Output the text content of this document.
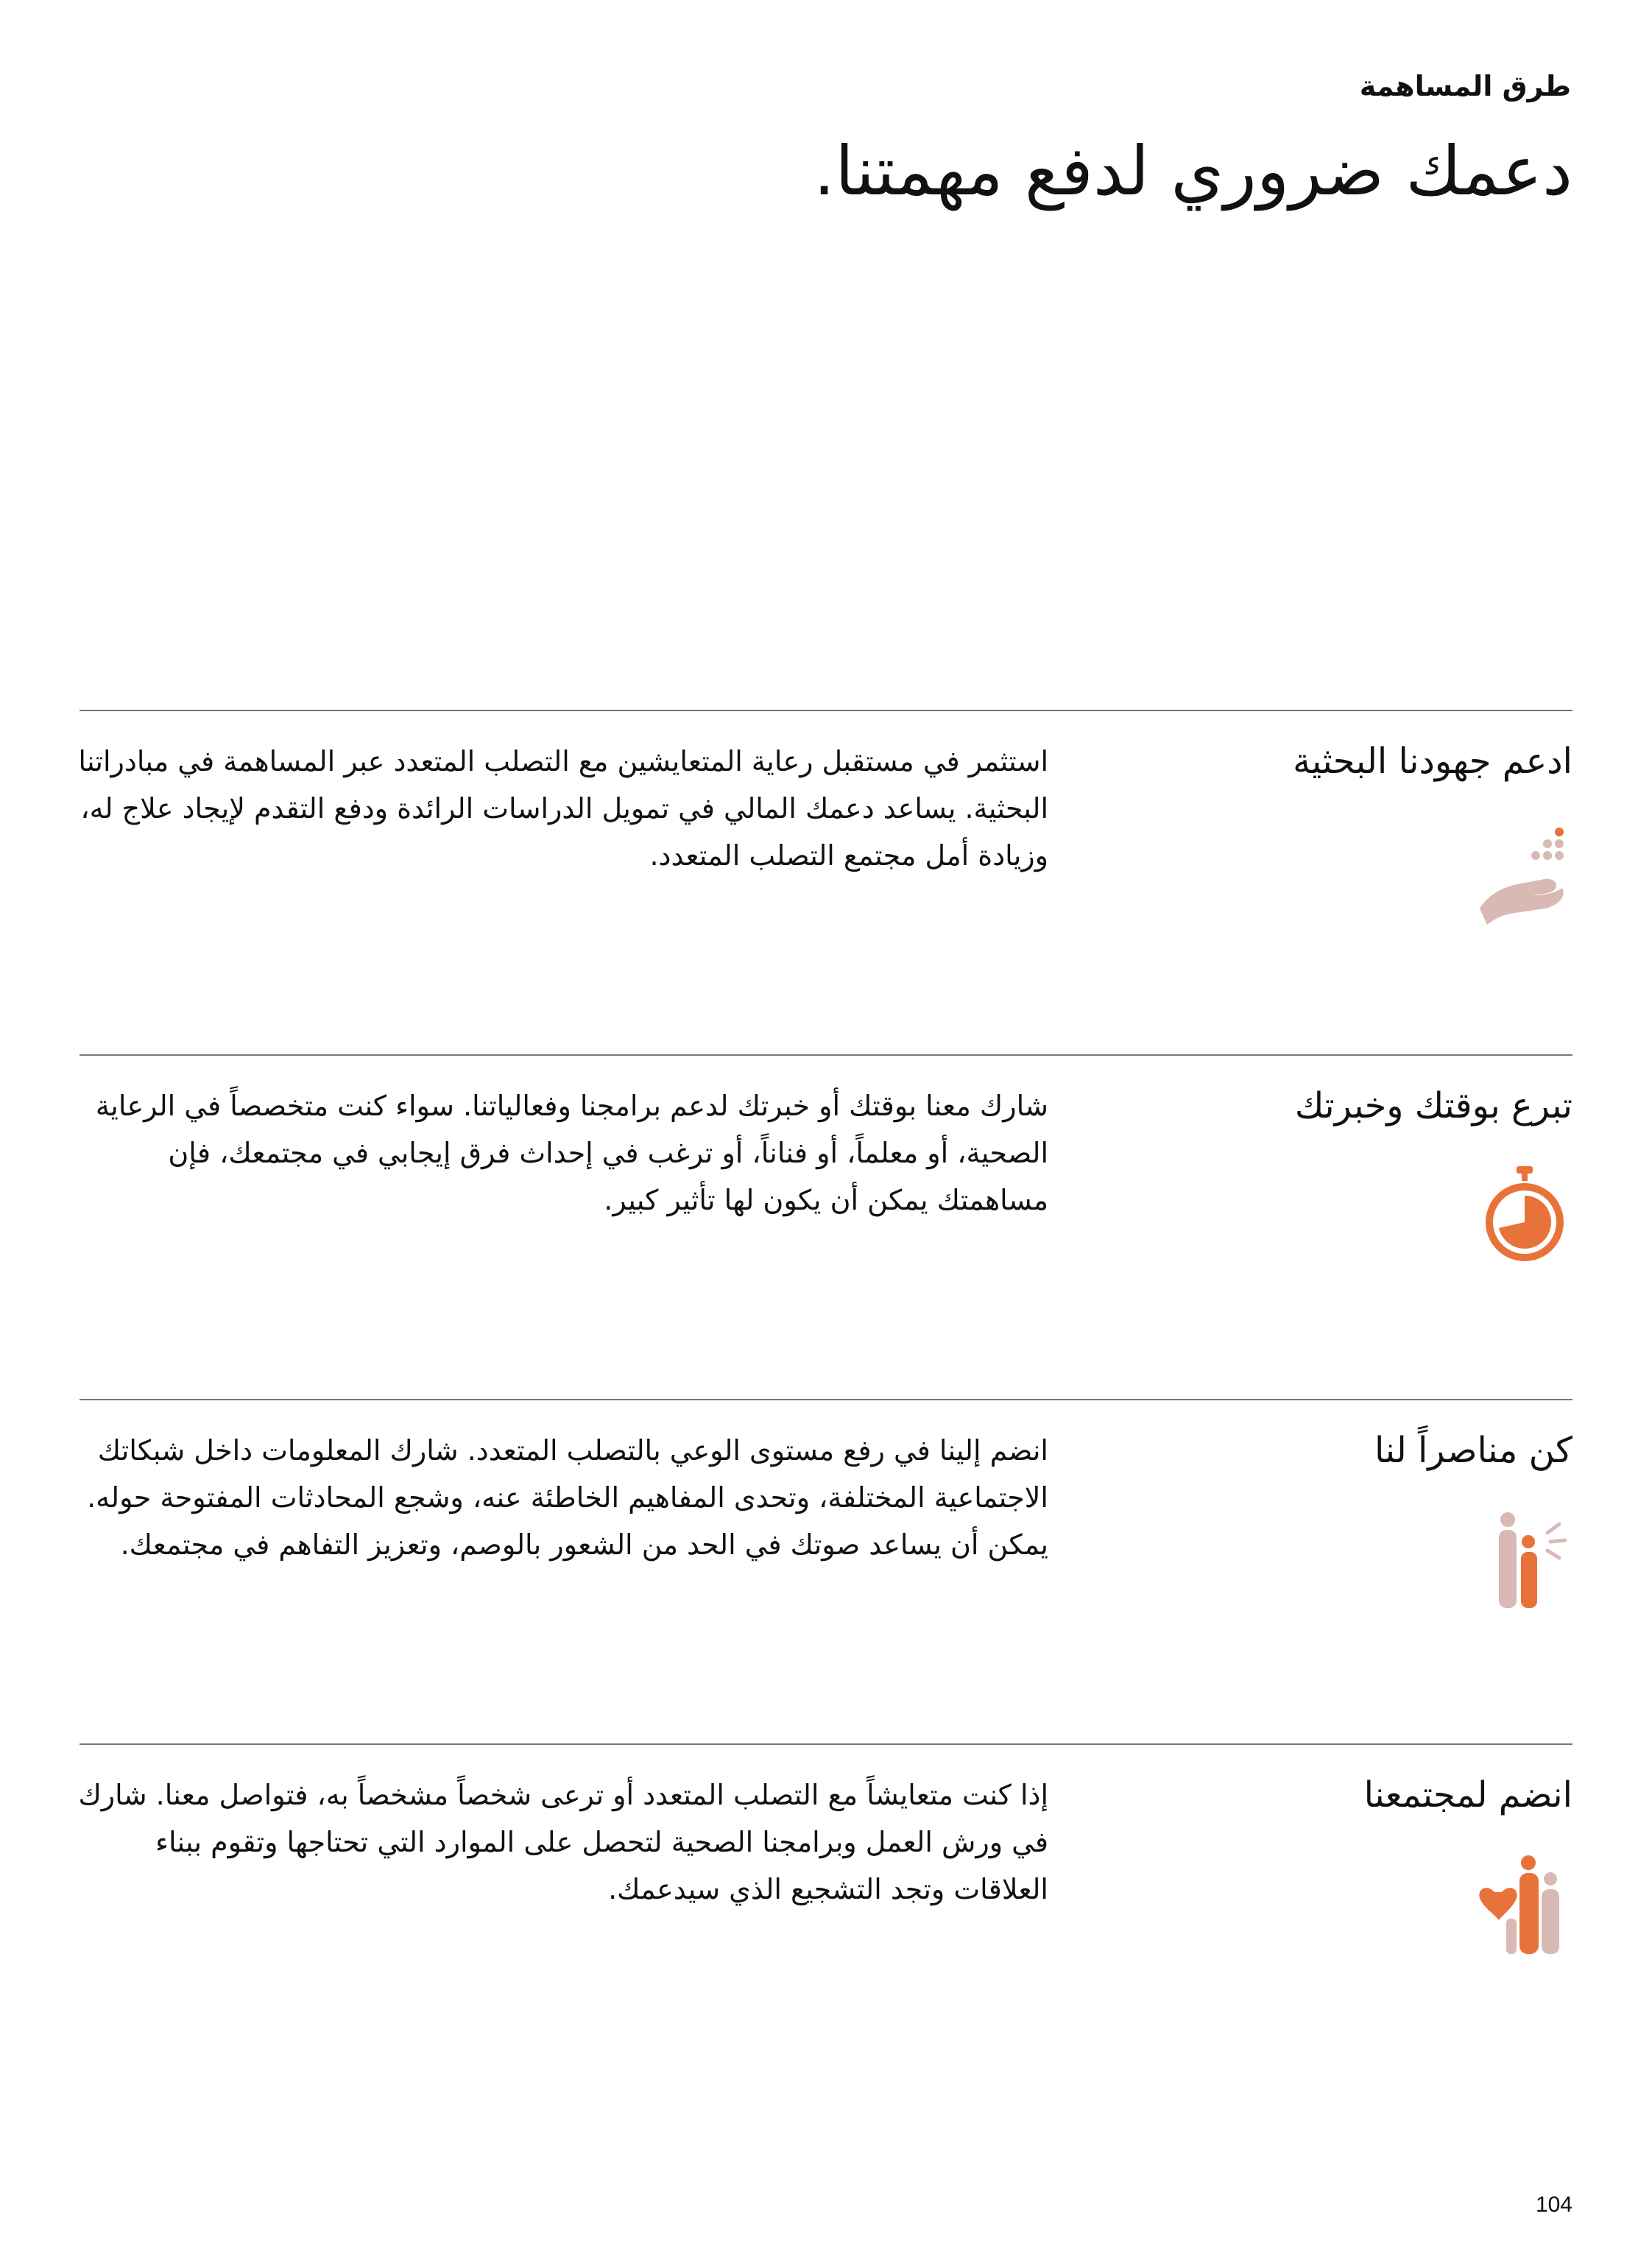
طرق المساهمة
دعمك ضروري لدفع مهمتنا.
ادعم جهودنا البحثية

استثمر في مستقبل رعاية المتعايشين مع التصلب المتعدد عبر المساهمة في مبادراتنا البحثية. يساعد دعمك المالي في تمويل الدراسات الرائدة ودفع التقدم لإيجاد علاج له، وزيادة أمل مجتمع التصلب المتعدد.

تبرع بوقتك وخبرتك

شارك معنا بوقتك أو خبرتك لدعم برامجنا وفعالياتنا. سواء كنت متخصصاً في الرعاية الصحية، أو معلماً، أو فناناً، أو ترغب في إحداث فرق إيجابي في مجتمعك، فإن مساهمتك يمكن أن يكون لها تأثير كبير.

كن مناصراً لنا

انضم إلينا في رفع مستوى الوعي بالتصلب المتعدد. شارك المعلومات داخل شبكاتك الاجتماعية المختلفة، وتحدى المفاهيم الخاطئة عنه، وشجع المحادثات المفتوحة حوله. يمكن أن يساعد صوتك في الحد من الشعور بالوصم، وتعزيز التفاهم في مجتمعك.

انضم لمجتمعنا

إذا كنت متعايشاً مع التصلب المتعدد أو ترعى شخصاً مشخصاً به، فتواصل معنا. شارك في ورش العمل وبرامجنا الصحية لتحصل على الموارد التي تحتاجها وتقوم ببناء العلاقات وتجد التشجيع الذي سيدعمك.

104
